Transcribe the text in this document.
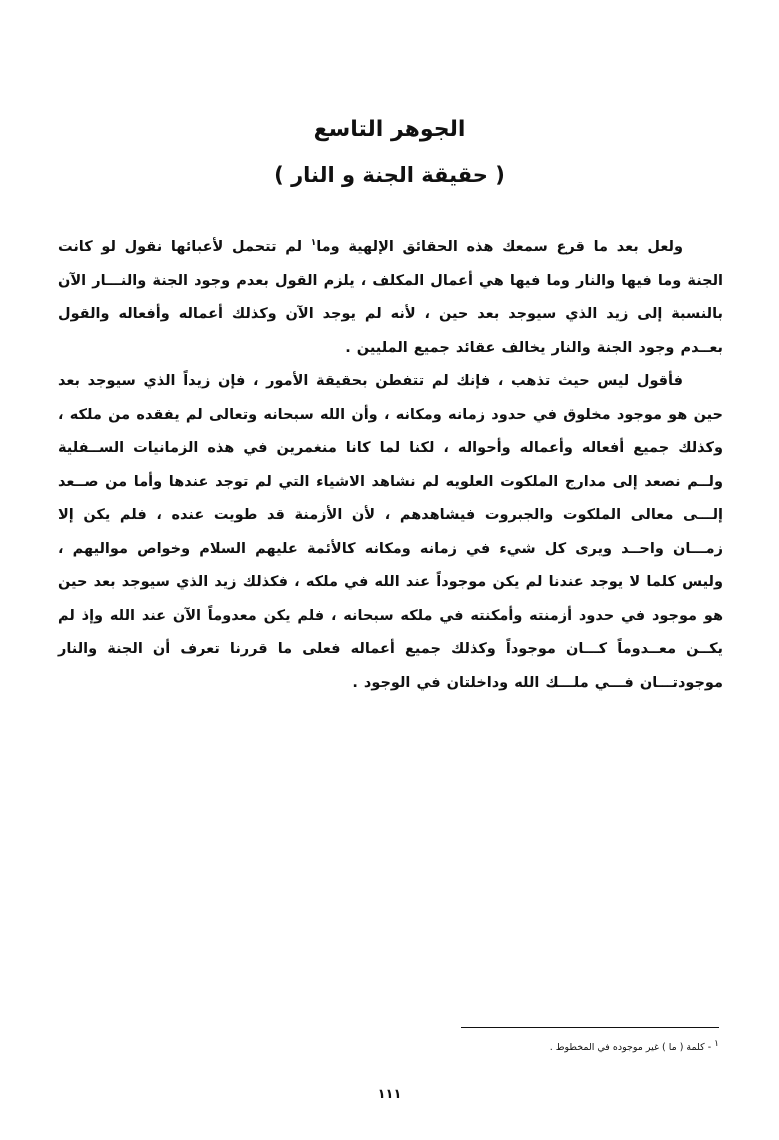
الجوهر التاسع
( حقيقة الجنة و النار )

ولعل بعد ما قرع سمعك هذه الحقائق الإلهية وما$^١$ لم تتحمل لأعبائها نقول لو كانت الجنة وما فيها والنار وما فيها هي أعمال المكلف ، يلزم القول بعدم وجود الجنة والنـــار الآن بالنسبة إلى زيد الذي سيوجد بعد حين ، لأنه لم يوجد الآن وكذلك أعماله وأفعاله والقول بعــدم وجود الجنة والنار يخالف عقائد جميع المليين .

فأقول ليس حيث تذهب ، فإنك لم تتفطن بحقيقة الأمور ، فإن زيداً الذي سيوجد بعد حين هو موجود مخلوق في حدود زمانه ومكانه ، وأن الله سبحانه وتعالى لم يفقده من ملكه ، وكذلك جميع أفعاله وأعماله وأحواله ، لكنا لما كانا منغمرين في هذه الزمانيات الســفلية ولــم نصعد إلى مدارج الملكوت العلويه لم نشاهد الاشياء التي لم توجد عندها وأما من صــعد إلـــى معالى الملكوت والجبروت فيشاهدهم ، لأن الأزمنة قد طويت عنده ، فلم يكن إلا زمـــان واحــد ويرى كل شيء في زمانه ومكانه كالأئمة عليهم السلام وخواص مواليهم ، وليس كلما لا يوجد عندنا لم يكن موجوداً عند الله في ملكه ، فكذلك زيد الذي سيوجد بعد حين هو موجود في حدود أزمنته وأمكنته في ملكه سبحانه ، فلم يكن معدوماً الآن عند الله وإذ لم يكــن معــدوماً كـــان موجوداً وكذلك جميع أعماله فعلى ما قررنا تعرف أن الجنة والنار موجودتـــان فـــي ملـــك الله وداخلتان في الوجود .

١ - كلمة ( ما ) غير موجوده في المخطوط .

١١١
